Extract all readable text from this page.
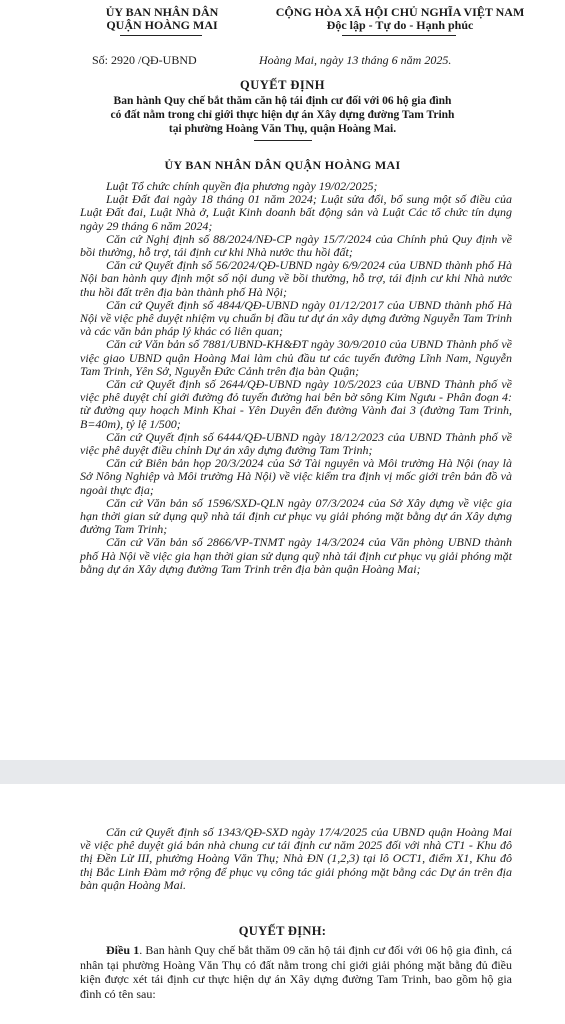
ỦY BAN NHÂN DÂN
QUẬN HOÀNG MAI
CỘNG HÒA XÃ HỘI CHỦ NGHĨA VIỆT NAM
Độc lập - Tự do - Hạnh phúc
Số: 2920 /QĐ-UBND	Hoàng Mai, ngày 13 tháng 6 năm 2025.
QUYẾT ĐỊNH
Ban hành Quy chế bắt thăm căn hộ tái định cư đối với 06 hộ gia đình
có đất nằm trong chỉ giới thực hiện dự án Xây dựng đường Tam Trinh
tại phường Hoàng Văn Thụ, quận Hoàng Mai.
ỦY BAN NHÂN DÂN QUẬN HOÀNG MAI

Luật Tổ chức chính quyền địa phương ngày 19/02/2025;

Luật Đất đai ngày 18 tháng 01 năm 2024; Luật sửa đổi, bổ sung một số điều của Luật Đất đai, Luật Nhà ở, Luật Kinh doanh bất động sản và Luật Các tổ chức tín dụng ngày 29 tháng 6 năm 2024;

Căn cứ Nghị định số 88/2024/NĐ-CP ngày 15/7/2024 của Chính phủ Quy định về bồi thường, hỗ trợ, tái định cư khi Nhà nước thu hồi đất;

Căn cứ Quyết định số 56/2024/QĐ-UBND ngày 6/9/2024 của UBND thành phố Hà Nội ban hành quy định một số nội dung về bồi thường, hỗ trợ, tái định cư khi Nhà nước thu hồi đất trên địa bàn thành phố Hà Nội;

Căn cứ Quyết định số 4844/QĐ-UBND ngày 01/12/2017 của UBND thành phố Hà Nội về việc phê duyệt nhiệm vụ chuẩn bị đầu tư dự án xây dựng đường Nguyễn Tam Trinh và các văn bản pháp lý khác có liên quan;

Căn cứ Văn bản số 7881/UBND-KH&ĐT ngày 30/9/2010 của UBND Thành phố về việc giao UBND quận Hoàng Mai làm chủ đầu tư các tuyến đường Lĩnh Nam, Nguyễn Tam Trinh, Yên Sở, Nguyễn Đức Cảnh trên địa bàn Quận;

Căn cứ Quyết định số 2644/QĐ-UBND ngày 10/5/2023 của UBND Thành phố về việc phê duyệt chỉ giới đường đỏ tuyến đường hai bên bờ sông Kim Ngưu - Phân đoạn 4: từ đường quy hoạch Minh Khai - Yên Duyên đến đường Vành đai 3 (đường Tam Trinh, B=40m), tỷ lệ 1/500;

Căn cứ Quyết định số 6444/QĐ-UBND ngày 18/12/2023 của UBND Thành phố về việc phê duyệt điều chỉnh Dự án xây dựng đường Tam Trinh;

Căn cứ Biên bản họp 20/3/2024 của Sở Tài nguyên và Môi trường Hà Nội (nay là Sở Nông Nghiệp và Môi trường Hà Nội) về việc kiểm tra định vị mốc giới trên bản đồ và ngoài thực địa;

Căn cứ Văn bản số 1596/SXD-QLN ngày 07/3/2024 của Sở Xây dựng về việc gia hạn thời gian sử dụng quỹ nhà tái định cư phục vụ giải phóng mặt bằng dự án Xây dựng đường Tam Trinh;

Căn cứ Văn bản số 2866/VP-TNMT ngày 14/3/2024 của Văn phòng UBND thành phố Hà Nội về việc gia hạn thời gian sử dụng quỹ nhà tái định cư phục vụ giải phóng mặt bằng dự án Xây dựng đường Tam Trinh trên địa bàn quận Hoàng Mai;

Căn cứ Quyết định số 1343/QĐ-SXD ngày 17/4/2025 của UBND quận Hoàng Mai về việc phê duyệt giá bán nhà chung cư tái định cư năm 2025 đối với nhà CT1 - Khu đô thị Đền Lừ III, phường Hoàng Văn Thụ; Nhà ĐN (1,2,3) tại lô OCT1, điểm X1, Khu đô thị Bắc Linh Đàm mở rộng để phục vụ công tác giải phóng mặt bằng các Dự án trên địa bàn quận Hoàng Mai.

QUYẾT ĐỊNH:
Điều 1. Ban hành Quy chế bắt thăm 09 căn hộ tái định cư đối với 06 hộ gia đình, cá nhân tại phường Hoàng Văn Thụ có đất nằm trong chỉ giới giải phóng mặt bằng đủ điều kiện được xét tái định cư thực hiện dự án Xây dựng đường Tam Trinh, bao gồm hộ gia đình có tên sau:
